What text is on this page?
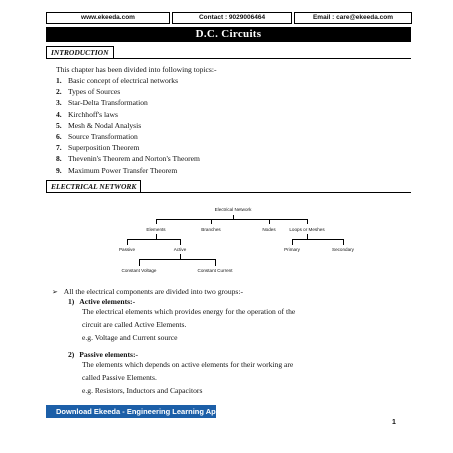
www.ekeeda.com	Contact : 9029006464	Email : care@ekeeda.com
D.C. Circuits
INTRODUCTION
This chapter has been divided into following topics:-
1. Basic concept of electrical networks
2. Types of Sources
3. Star-Delta Transformation
4. Kirchhoff's laws
5. Mesh & Nodal Analysis
6. Source Transformation
7. Superposition Theorem
8. Thevenin's Theorem and Norton's Theorem
9. Maximum Power Transfer Theorem
ELECTRICAL NETWORK
Electrical Network
Elements	Branches	Nodes	Loops or Meshes
Passive	Active	Primary	Secondary
Constant Voltage	Constant Current
➢ All the electrical components are divided into two groups:-
1) Active elements:-
The electrical elements which provides energy for the operation of the
circuit are called Active Elements.
e.g. Voltage and Current source
2) Passive elements:-
The elements which depends on active elements for their working are
called Passive Elements.
e.g. Resistors, Inductors and Capacitors
Download Ekeeda - Engineering Learning App
1
